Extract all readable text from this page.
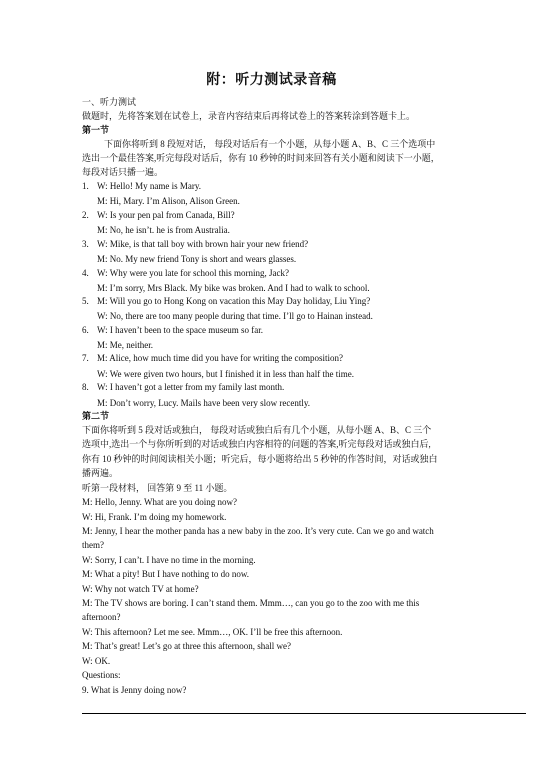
附：听力测试录音稿
一、听力测试
做题时，先将答案划在试卷上，录音内容结束后再将试卷上的答案转涂到答题卡上。
第一节
下面你将听到 8 段短对话， 每段对话后有一个小题，从每小题 A、B、C 三个选项中
选出一个最佳答案,听完每段对话后，你有 10 秒钟的时间来回答有关小题和阅读下一小题，
每段对话只播一遍。
1. W: Hello! My name is Mary.
M: Hi, Mary. I’m Alison, Alison Green.
2. W: Is your pen pal from Canada, Bill?
M: No, he isn’t. he is from Australia.
3. W: Mike, is that tall boy with brown hair your new friend?
M: No. My new friend Tony is short and wears glasses.
4. W: Why were you late for school this morning, Jack?
M: I’m sorry, Mrs Black. My bike was broken. And I had to walk to school.
5. M: Will you go to Hong Kong on vacation this May Day holiday, Liu Ying?
W: No, there are too many people during that time. I’ll go to Hainan instead.
6. W: I haven’t been to the space museum so far.
M: Me, neither.
7. M: Alice, how much time did you have for writing the composition?
W: We were given two hours, but I finished it in less than half the time.
8. W: I haven’t got a letter from my family last month.
M: Don’t worry, Lucy. Mails have been very slow recently.
第二节
下面你将听到 5 段对话或独白， 每段对话或独白后有几个小题，从每小题 A、B、C 三个
选项中,选出一个与你所听到的对话或独白内容相符的问题的答案,听完每段对话或独白后,
你有 10 秒钟的时间阅读相关小题；听完后，每小题将给出 5 秒钟的作答时间，对话或独白
播两遍。
听第一段材料， 回答第 9 至 11 小题。
M: Hello, Jenny. What are you doing now?
W: Hi, Frank. I’m doing my homework.
M: Jenny, I hear the mother panda has a new baby in the zoo. It’s very cute. Can we go and watch
them?
W: Sorry, I can’t. I have no time in the morning.
M: What a pity! But I have nothing to do now.
W: Why not watch TV at home?
M: The TV shows are boring. I can’t stand them. Mmm…, can you go to the zoo with me this
afternoon?
W: This afternoon? Let me see. Mmm…, OK. I’ll be free this afternoon.
M: That’s great! Let’s go at three this afternoon, shall we?
W: OK.
Questions:
9. What is Jenny doing now?
